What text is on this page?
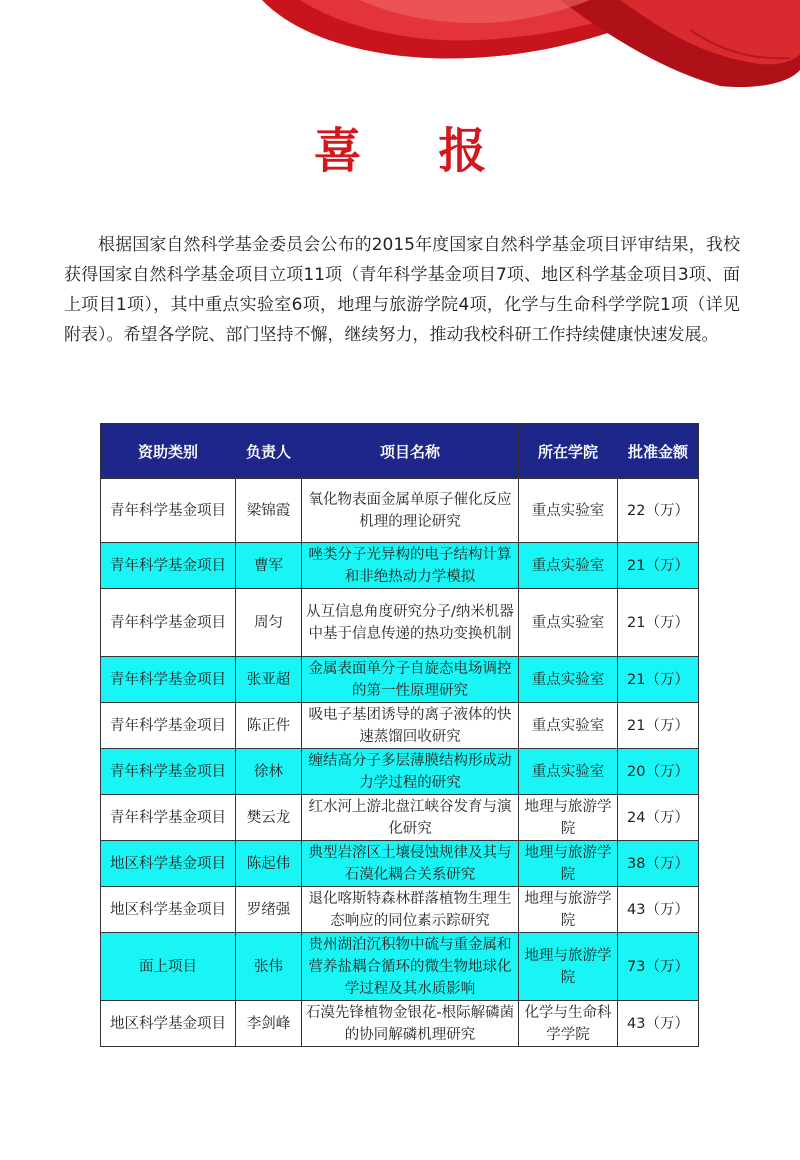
喜 报

根据国家自然科学基金委员会公布的2015年度国家自然科学基金项目评审结果，我校获得国家自然科学基金项目立项11项（青年科学基金项目7项、地区科学基金项目3项、面上项目1项），其中重点实验室6项，地理与旅游学院4项，化学与生命科学学院1项（详见附表）。希望各学院、部门坚持不懈，继续努力，推动我校科研工作持续健康快速发展。

资助类别	负责人	项目名称	所在学院	批准金额
青年科学基金项目	梁锦霞	氧化物表面金属单原子催化反应机理的理论研究	重点实验室	22（万）
青年科学基金项目	曹军	唑类分子光异构的电子结构计算和非绝热动力学模拟	重点实验室	21（万）
青年科学基金项目	周匀	从互信息角度研究分子/纳米机器中基于信息传递的热功变换机制	重点实验室	21（万）
青年科学基金项目	张亚超	金属表面单分子自旋态电场调控的第一性原理研究	重点实验室	21（万）
青年科学基金项目	陈正件	吸电子基团诱导的离子液体的快速蒸馏回收研究	重点实验室	21（万）
青年科学基金项目	徐林	缠结高分子多层薄膜结构形成动力学过程的研究	重点实验室	20（万）
青年科学基金项目	樊云龙	红水河上游北盘江峡谷发育与演化研究	地理与旅游学院	24（万）
地区科学基金项目	陈起伟	典型岩溶区土壤侵蚀规律及其与石漠化耦合关系研究	地理与旅游学院	38（万）
地区科学基金项目	罗绪强	退化喀斯特森林群落植物生理生态响应的同位素示踪研究	地理与旅游学院	43（万）
面上项目	张伟	贵州湖泊沉积物中硫与重金属和营养盐耦合循环的微生物地球化学过程及其水质影响	地理与旅游学院	73（万）
地区科学基金项目	李剑峰	石漠先锋植物金银花-根际解磷菌的协同解磷机理研究	化学与生命科学学院	43（万）
